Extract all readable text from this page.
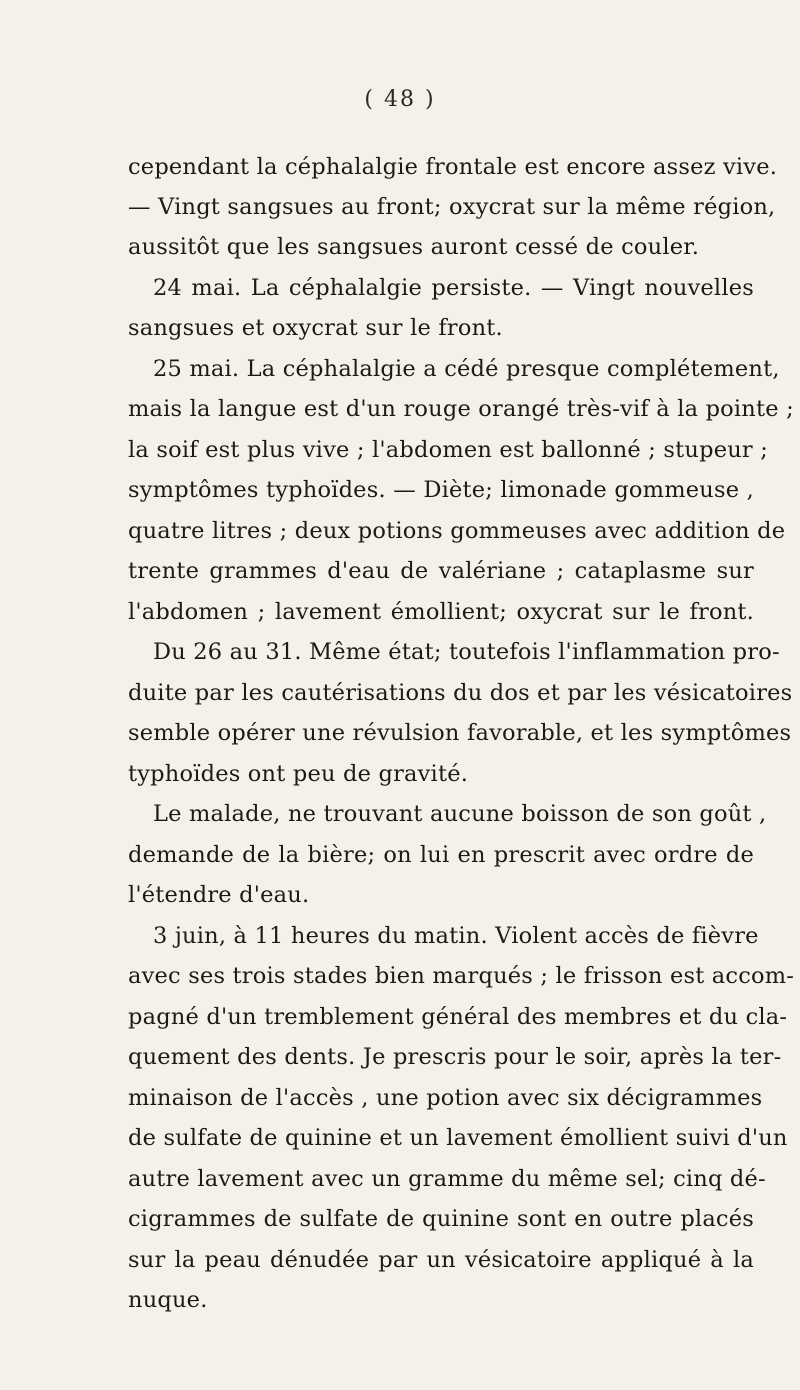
( 48 )
cependant la céphalalgie frontale est encore assez vive.
— Vingt sangsues au front; oxycrat sur la même région,
aussitôt que les sangsues auront cessé de couler.
24 mai. La céphalalgie persiste. — Vingt nouvelles
sangsues et oxycrat sur le front.
25 mai. La céphalalgie a cédé presque complétement,
mais la langue est d'un rouge orangé très-vif à la pointe ;
la soif est plus vive ; l'abdomen est ballonné ; stupeur ;
symptômes typhoïdes. — Diète; limonade gommeuse ,
quatre litres ; deux potions gommeuses avec addition de
trente grammes d'eau de valériane ; cataplasme sur
l'abdomen ; lavement émollient; oxycrat sur le front.
Du 26 au 31. Même état; toutefois l'inflammation pro-
duite par les cautérisations du dos et par les vésicatoires
semble opérer une révulsion favorable, et les symptômes
typhoïdes ont peu de gravité.
Le malade, ne trouvant aucune boisson de son goût ,
demande de la bière; on lui en prescrit avec ordre de
l'étendre d'eau.
3 juin, à 11 heures du matin. Violent accès de fièvre
avec ses trois stades bien marqués ; le frisson est accom-
pagné d'un tremblement général des membres et du cla-
quement des dents. Je prescris pour le soir, après la ter-
minaison de l'accès , une potion avec six décigrammes
de sulfate de quinine et un lavement émollient suivi d'un
autre lavement avec un gramme du même sel; cinq dé-
cigrammes de sulfate de quinine sont en outre placés
sur la peau dénudée par un vésicatoire appliqué à la
nuque.
